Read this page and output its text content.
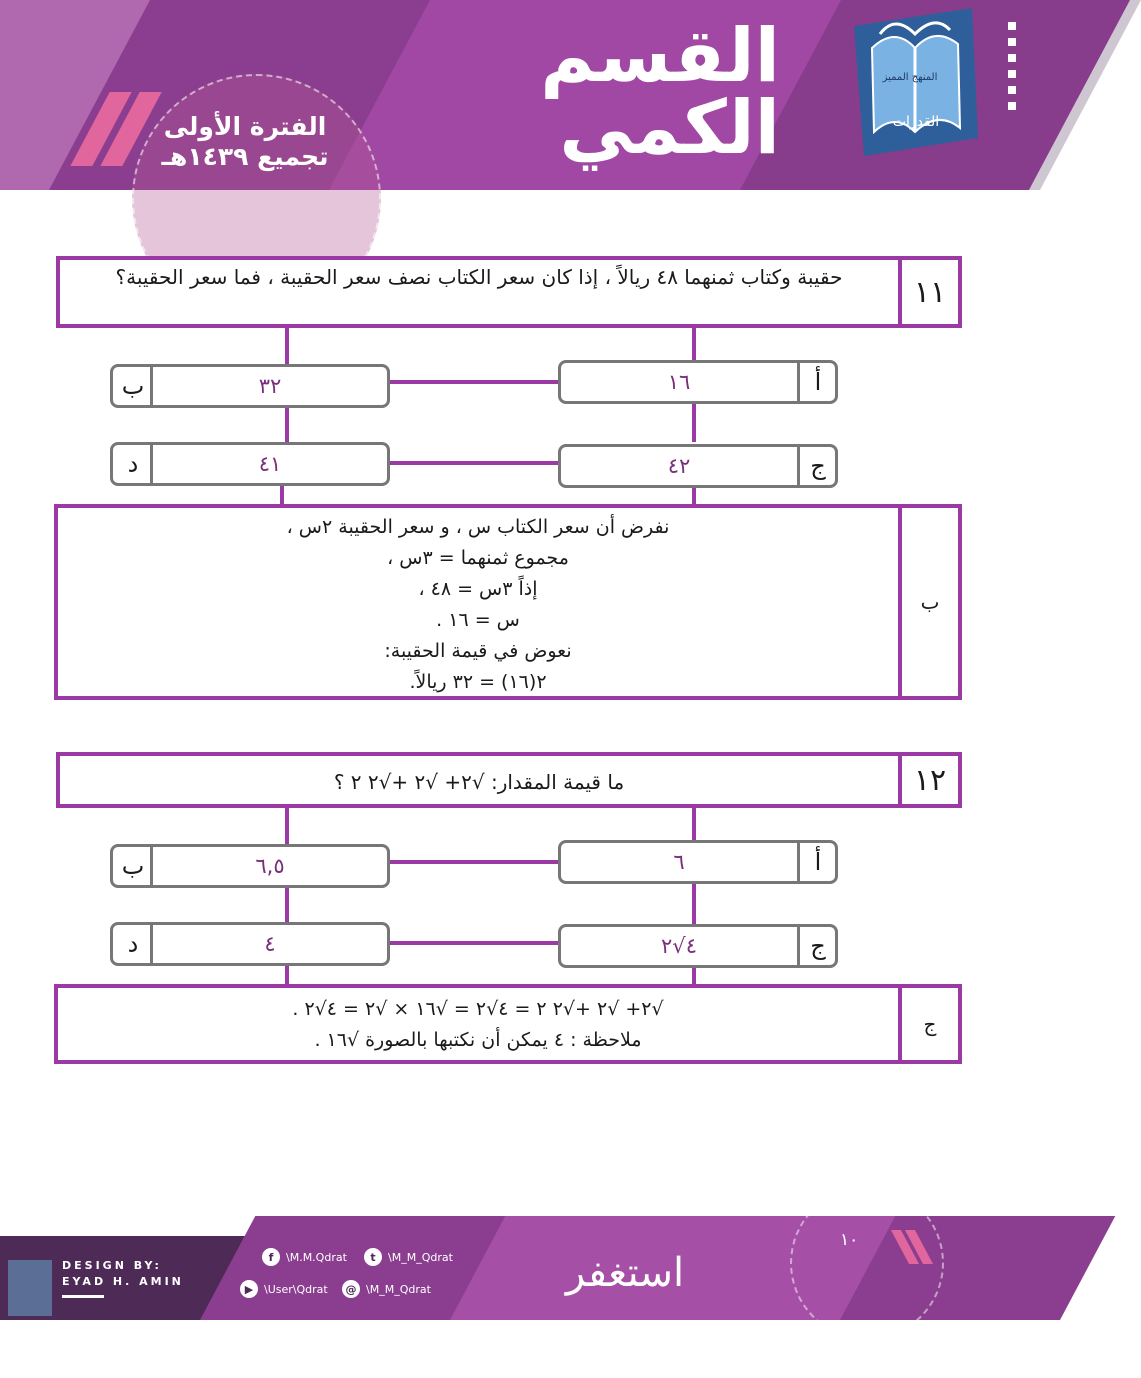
القسم
الكمي
الفترة الأولى
تجميع ١٤٣٩هـ
القدرات
المنهج المميز
حقيبة وكتاب ثمنهما ٤٨ ريالاً ، إذا كان سعر الكتاب نصف سعر الحقيبة ، فما سعر الحقيبة؟	١١
ب	٣٢	١٦	أ
د	٤١	٤٢	ج
نفرض أن سعر الكتاب س ، و سعر الحقيبة ٢س ،
مجموع ثمنهما = ٣س ،
إذاً ٣س = ٤٨ ،
س = ١٦ .
نعوض في قيمة الحقيبة:
٢(١٦) = ٣٢ ريالاً.
ب
ما قيمة المقدار: √٢+ √٢ +√٢ ٢ ؟	١٢
ب	٦,٥	٦	أ
د	٤	٤√٢	ج
√٢+ √٢ +√٢ ٢ = ٤√٢ = √١٦ × √٢ = ٤√٢ .
ملاحظة : ٤ يمكن أن نكتبها بالصورة √١٦ .
ج
DESIGN BY:
EYAD H. AMIN
f	\M.M.Qdrat	t	\M_M_Qdrat
▶ \User\Qdrat	@ \M_M_Qdrat	استغفر الله
١٠
